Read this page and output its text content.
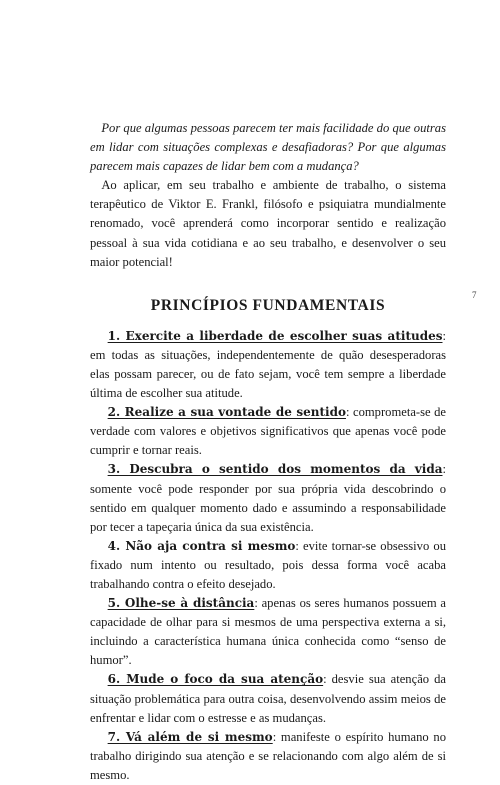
Por que algumas pessoas parecem ter mais facilidade do que outras em lidar com situações complexas e desafiadoras? Por que algumas parecem mais capazes de lidar bem com a mudança?

Ao aplicar, em seu trabalho e ambiente de trabalho, o sistema terapêutico de Viktor E. Frankl, filósofo e psiquiatra mundialmente renomado, você aprenderá como incorporar sentido e realização pessoal à sua vida cotidiana e ao seu trabalho, e desenvolver o seu maior potencial!

PRINCÍPIOS FUNDAMENTAIS

1. Exercite a liberdade de escolher suas atitudes: em todas as situações, independentemente de quão desesperadoras elas possam parecer, ou de fato sejam, você tem sempre a liberdade última de escolher sua atitude.

2. Realize a sua vontade de sentido: comprometa-se de verdade com valores e objetivos significativos que apenas você pode cumprir e tornar reais.

3. Descubra o sentido dos momentos da vida: somente você pode responder por sua própria vida descobrindo o sentido em qualquer momento dado e assumindo a responsabilidade por tecer a tapeçaria única da sua existência.

4. Não aja contra si mesmo: evite tornar-se obsessivo ou fixado num intento ou resultado, pois dessa forma você acaba trabalhando contra o efeito desejado.

5. Olhe-se à distância: apenas os seres humanos possuem a capacidade de olhar para si mesmos de uma perspectiva externa a si, incluindo a característica humana única conhecida como “senso de humor”.

6. Mude o foco da sua atenção: desvie sua atenção da situação problemática para outra coisa, desenvolvendo assim meios de enfrentar e lidar com o estresse e as mudanças.

7. Vá além de si mesmo: manifeste o espírito humano no trabalho dirigindo sua atenção e se relacionando com algo além de si mesmo.

7
